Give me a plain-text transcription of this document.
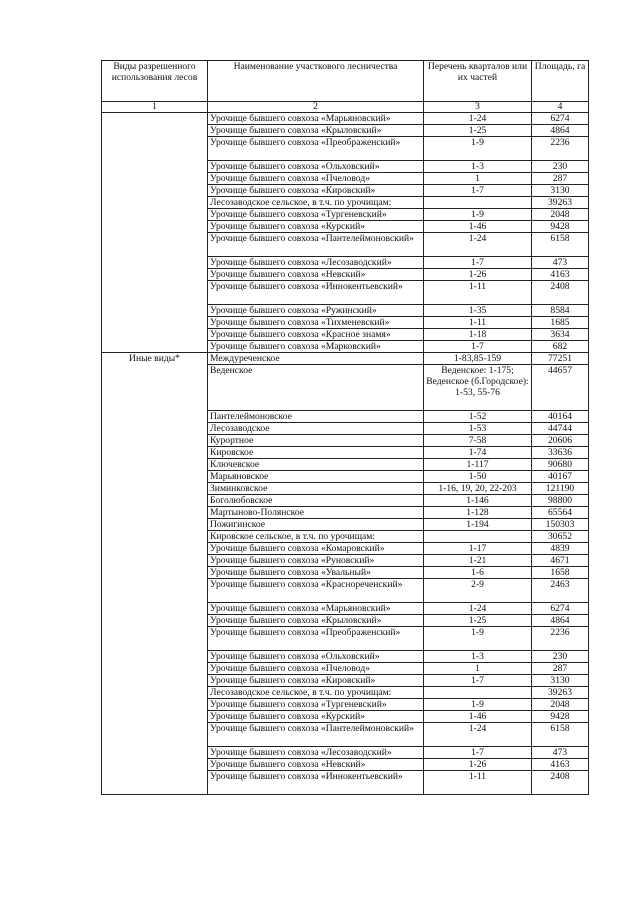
Виды разрешенного использования лесов	Наименование участкового лесничества	Перечень кварталов или их частей	Площадь, га
1	2	3	4
	Урочище бывшего совхоза «Марьяновский»	1-24	6274
	Урочище бывшего совхоза «Крыловский»	1-25	4864
	Урочище бывшего совхоза «Преображенский»	1-9	2236
	Урочище бывшего совхоза «Ольховский»	1-3	230
	Урочище бывшего совхоза «Пчеловод»	1	287
	Урочище бывшего совхоза «Кировский»	1-7	3130
	Лесозаводское сельское, в т.ч. по урочищам:		39263
	Урочище бывшего совхоза «Тургеневский»	1-9	2048
	Урочище бывшего совхоза «Курский»	1-46	9428
	Урочище бывшего совхоза «Пантелеймоновский»	1-24	6158
	Урочище бывшего совхоза «Лесозаводский»	1-7	473
	Урочище бывшего совхоза «Невский»	1-26	4163
	Урочище бывшего совхоза «Иннокентьевский»	1-11	2408
	Урочище бывшего совхоза «Ружинский»	1-35	8584
	Урочище бывшего совхоза «Тихменевский»	1-11	1685
	Урочище бывшего совхоза «Красное знамя»	1-18	3634
	Урочище бывшего совхоза «Марковский»	1-7	682
Иные виды*	Междуреченское	1-83,85-159	77251
	Веденское	Веденское: 1-175; Веденское (б.Городское): 1-53, 55-76	44657
	Пантелеймоновское	1-52	40164
	Лесозаводское	1-53	44744
	Курортное	7-58	20606
	Кировское	1-74	33636
	Ключевское	1-117	90680
	Марьяновское	1-50	40167
	Зиминковское	1-16, 19, 20, 22-203	121190
	Боголюбовское	1-146	98800
	Мартыново-Полянское	1-128	65564
	Пожигинское	1-194	150303
	Кировское сельское, в т.ч. по урочищам:		30652
	Урочище бывшего совхоза «Комаровский»	1-17	4839
	Урочище бывшего совхоза «Руновский»	1-21	4671
	Урочище бывшего совхоза «Увальный»	1-6	1658
	Урочище бывшего совхоза «Краснореченский»	2-9	2463
	Урочище бывшего совхоза «Марьяновский»	1-24	6274
	Урочище бывшего совхоза «Крыловский»	1-25	4864
	Урочище бывшего совхоза «Преображенский»	1-9	2236
	Урочище бывшего совхоза «Ольховский»	1-3	230
	Урочище бывшего совхоза «Пчеловод»	1	287
	Урочище бывшего совхоза «Кировский»	1-7	3130
	Лесозаводское сельское, в т.ч. по урочищам:		39263
	Урочище бывшего совхоза «Тургеневский»	1-9	2048
	Урочище бывшего совхоза «Курский»	1-46	9428
	Урочище бывшего совхоза «Пантелеймоновский»	1-24	6158
	Урочище бывшего совхоза «Лесозаводский»	1-7	473
	Урочище бывшего совхоза «Невский»	1-26	4163
	Урочище бывшего совхоза «Иннокентьевский»	1-11	2408
